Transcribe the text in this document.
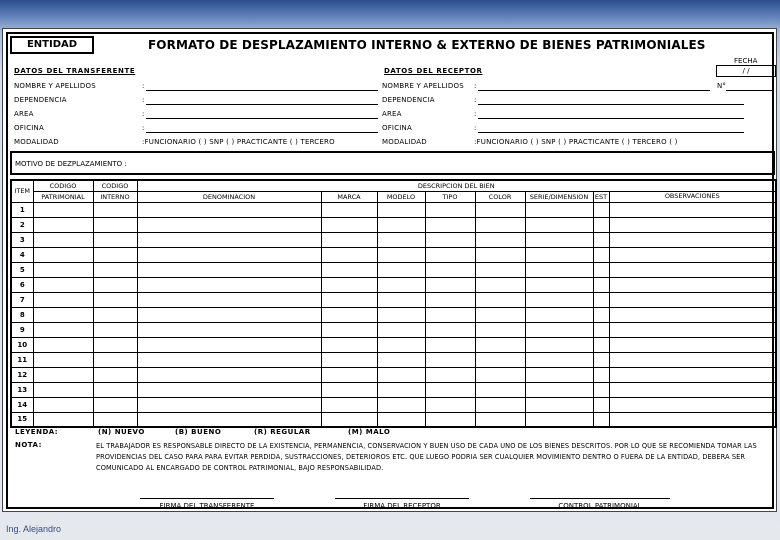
ENTIDAD	FORMATO DE DESPLAZAMIENTO INTERNO & EXTERNO DE BIENES PATRIMONIALES
FECHA
/ /
DATOS DEL TRANSFERENTE
NOMBRE Y APELLIDOS	:
DEPENDENCIA	:
AREA	:
OFICINA	:
MODALIDAD	:FUNCIONARIO ( ) SNP ( ) PRACTICANTE ( ) TERCERO
DATOS DEL RECEPTOR
NOMBRE Y APELLIDOS :	N°
DEPENDENCIA	:
AREA	:
OFICINA	:
MODALIDAD	:FUNCIONARIO ( ) SNP ( ) PRACTICANTE ( ) TERCERO ( )
MOTIVO DE DEZPLAZAMIENTO :
ITEM	CODIGO	CODIGO	DESCRIPCION DEL BIEN							
	PATRIMONIAL	INTERNO	DENOMINACION	MARCA	MODELO	TIPO	COLOR	SERIE/DIMENSION	EST	OBSERVACIONES
1										
2										
3										
4										
5										
6										
7										
8										
9										
10										
11										
12										
13										
14										
15										
LEYENDA:	(N) NUEVO	(B) BUENO	(R) REGULAR	(M) MALO
NOTA:	EL TRABAJADOR ES RESPONSABLE DIRECTO DE LA EXISTENCIA, PERMANENCIA, CONSERVACION Y BUEN USO DE CADA UNO DE LOS BIENES DESCRITOS. POR LO QUE SE RECOMIENDA TOMAR LAS PROVIDENCIAS DEL CASO PARA PARA EVITAR PERDIDA, SUSTRACCIONES, DETERIOROS ETC. QUE LUEGO PODRIA SER CUALQUIER MOVIMIENTO DENTRO O FUERA DE LA ENTIDAD, DEBERA SER COMUNICADO AL ENCARGADO DE CONTROL PATRIMONIAL, BAJO RESPONSABILIDAD.
FIRMA DEL TRANSFERENTE	FIRMA DEL RECEPTOR	CONTROL PATRIMONIAL
Ing. Alejandro
